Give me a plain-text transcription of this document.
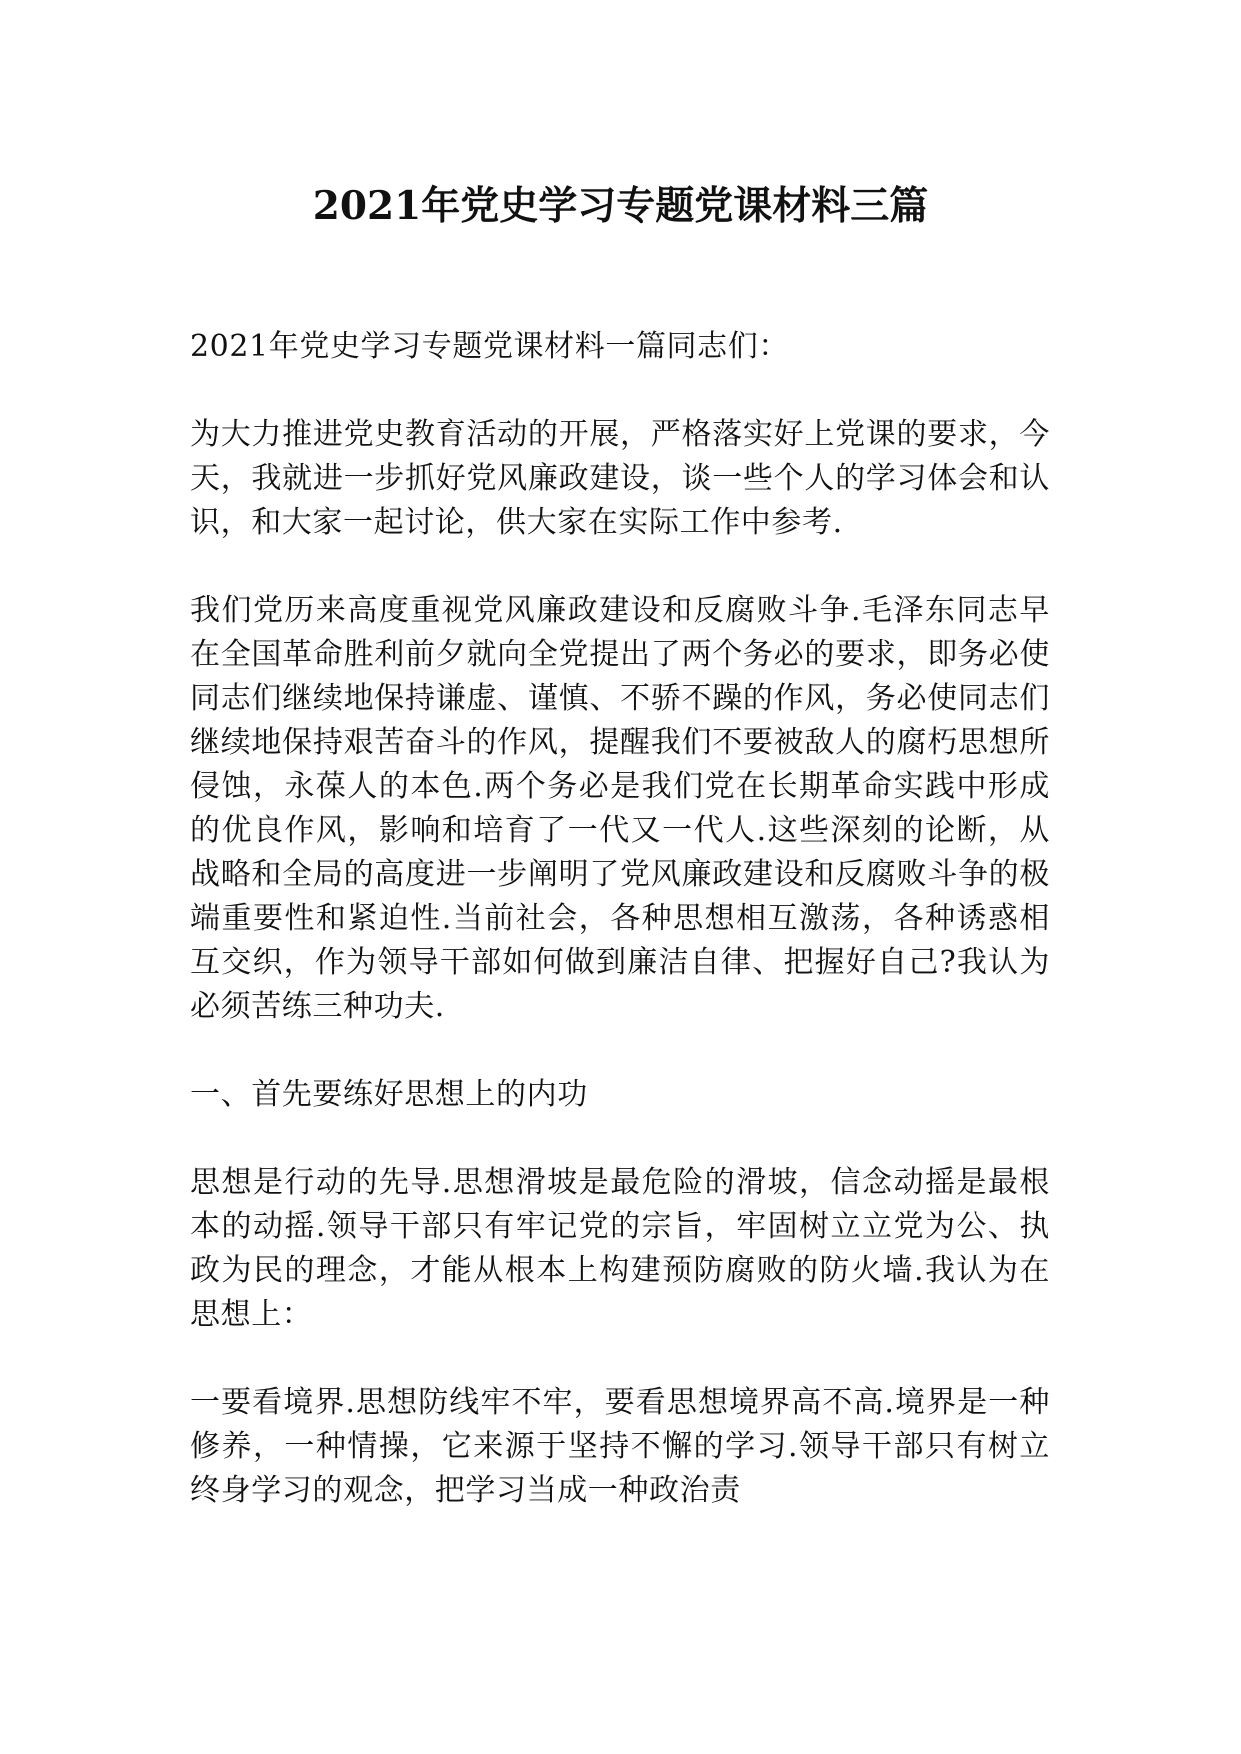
2021年党史学习专题党课材料三篇

2021年党史学习专题党课材料一篇同志们：

为大力推进党史教育活动的开展，严格落实好上党课的要求，今天，我就进一步抓好党风廉政建设，谈一些个人的学习体会和认识，和大家一起讨论，供大家在实际工作中参考.

我们党历来高度重视党风廉政建设和反腐败斗争.毛泽东同志早在全国革命胜利前夕就向全党提出了两个务必的要求，即务必使同志们继续地保持谦虚、谨慎、不骄不躁的作风，务必使同志们继续地保持艰苦奋斗的作风，提醒我们不要被敌人的腐朽思想所侵蚀，永葆人的本色.两个务必是我们党在长期革命实践中形成的优良作风，影响和培育了一代又一代人.这些深刻的论断，从战略和全局的高度进一步阐明了党风廉政建设和反腐败斗争的极端重要性和紧迫性.当前社会，各种思想相互激荡，各种诱惑相互交织，作为领导干部如何做到廉洁自律、把握好自己?我认为必须苦练三种功夫.

一、首先要练好思想上的内功

思想是行动的先导.思想滑坡是最危险的滑坡，信念动摇是最根本的动摇.领导干部只有牢记党的宗旨，牢固树立立党为公、执政为民的理念，才能从根本上构建预防腐败的防火墙.我认为在思想上：

一要看境界.思想防线牢不牢，要看思想境界高不高.境界是一种修养，一种情操，它来源于坚持不懈的学习.领导干部只有树立终身学习的观念，把学习当成一种政治责
